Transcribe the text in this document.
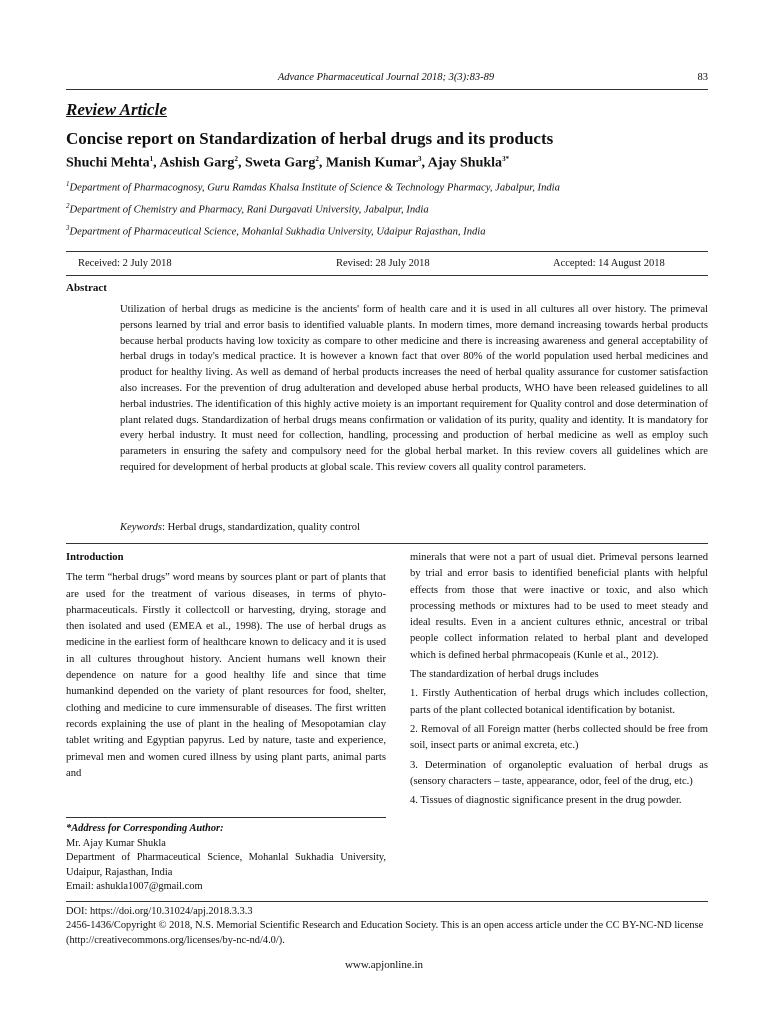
Advance Pharmaceutical Journal 2018; 3(3):83-89	83
Review Article
Concise report on Standardization of herbal drugs and its products
Shuchi Mehta$^1$, Ashish Garg$^2$, Sweta Garg$^2$, Manish Kumar$^3$, Ajay Shukla$^{3*}$
$^1$Department of Pharmacognosy, Guru Ramdas Khalsa Institute of Science & Technology Pharmacy, Jabalpur, India
$^2$Department of Chemistry and Pharmacy, Rani Durgavati University, Jabalpur, India
$^3$Department of Pharmaceutical Science, Mohanlal Sukhadia University, Udaipur Rajasthan, India
Received: 2 July 2018	Revised: 28 July 2018	Accepted: 14 August 2018
Abstract
Utilization of herbal drugs as medicine is the ancients' form of health care and it is used in all cultures all over history. The primeval persons learned by trial and error basis to identified valuable plants. In modern times, more demand increasing towards herbal products because herbal products having low toxicity as compare to other medicine and there is increasing awareness and general acceptability of herbal drugs in today's medical practice. It is however a known fact that over 80% of the world population used herbal medicines and product for healthy living. As well as demand of herbal products increases the need of herbal quality assurance for customer satisfaction also increases. For the prevention of drug adulteration and developed abuse herbal products, WHO have been released guidelines to all herbal industries. The identification of this highly active moiety is an important requirement for Quality control and dose determination of plant related dugs. Standardization of herbal drugs means confirmation or validation of its purity, quality and identity. It is mandatory for every herbal industry. It must need for collection, handling, processing and production of herbal medicine as well as employ such parameters in ensuring the safety and compulsory need for the global herbal market. In this review covers all guidelines which are required for development of herbal products at global scale. This review covers all quality control parameters.
Keywords: Herbal drugs, standardization, quality control

Introduction

The term “herbal drugs” word means by sources plant or part of plants that are used for the treatment of various diseases, in terms of phyto-pharmaceuticals. Firstly it collectcoll or harvesting, drying, storage and then isolated and used (EMEA et al., 1998). The use of herbal drugs as medicine in the earliest form of healthcare known to delicacy and it is used in all cultures throughout history. Ancient humans well known their dependence on nature for a good healthy life and since that time humankind depended on the variety of plant resources for food, shelter, clothing and medicine to cure immensurable of diseases. The first written records explaining the use of plant in the healing of Mesopotamian clay tablet writing and Egyptian papyrus. Led by nature, taste and experience, primeval men and women cured illness by using plant parts, animal parts and

*Address for Corresponding Author:
Mr. Ajay Kumar Shukla
Department of Pharmaceutical Science, Mohanlal Sukhadia University, Udaipur, Rajasthan, India
Email: ashukla1007@gmail.com

minerals that were not a part of usual diet. Primeval persons learned by trial and error basis to identified beneficial plants with helpful effects from those that were inactive or toxic, and also which processing methods or mixtures had to be used to meet steady and ideal results. Even in a ancient cultures ethnic, ancestral or tribal people collect information related to herbal plant and developed which is defined herbal phrmacopeais (Kunle et al., 2012).

The standardization of herbal drugs includes

1. Firstly Authentication of herbal drugs which includes collection, parts of the plant collected botanical identification by botanist.

2. Removal of all Foreign matter (herbs collected should be free from soil, insect parts or animal excreta, etc.)

3. Determination of organoleptic evaluation of herbal drugs as (sensory characters – taste, appearance, odor, feel of the drug, etc.)

4. Tissues of diagnostic significance present in the drug powder.

DOI: https://doi.org/10.31024/apj.2018.3.3.3
2456-1436/Copyright © 2018, N.S. Memorial Scientific Research and Education Society. This is an open access article under the CC BY-NC-ND license (http://creativecommons.org/licenses/by-nc-nd/4.0/).
www.apjonline.in
